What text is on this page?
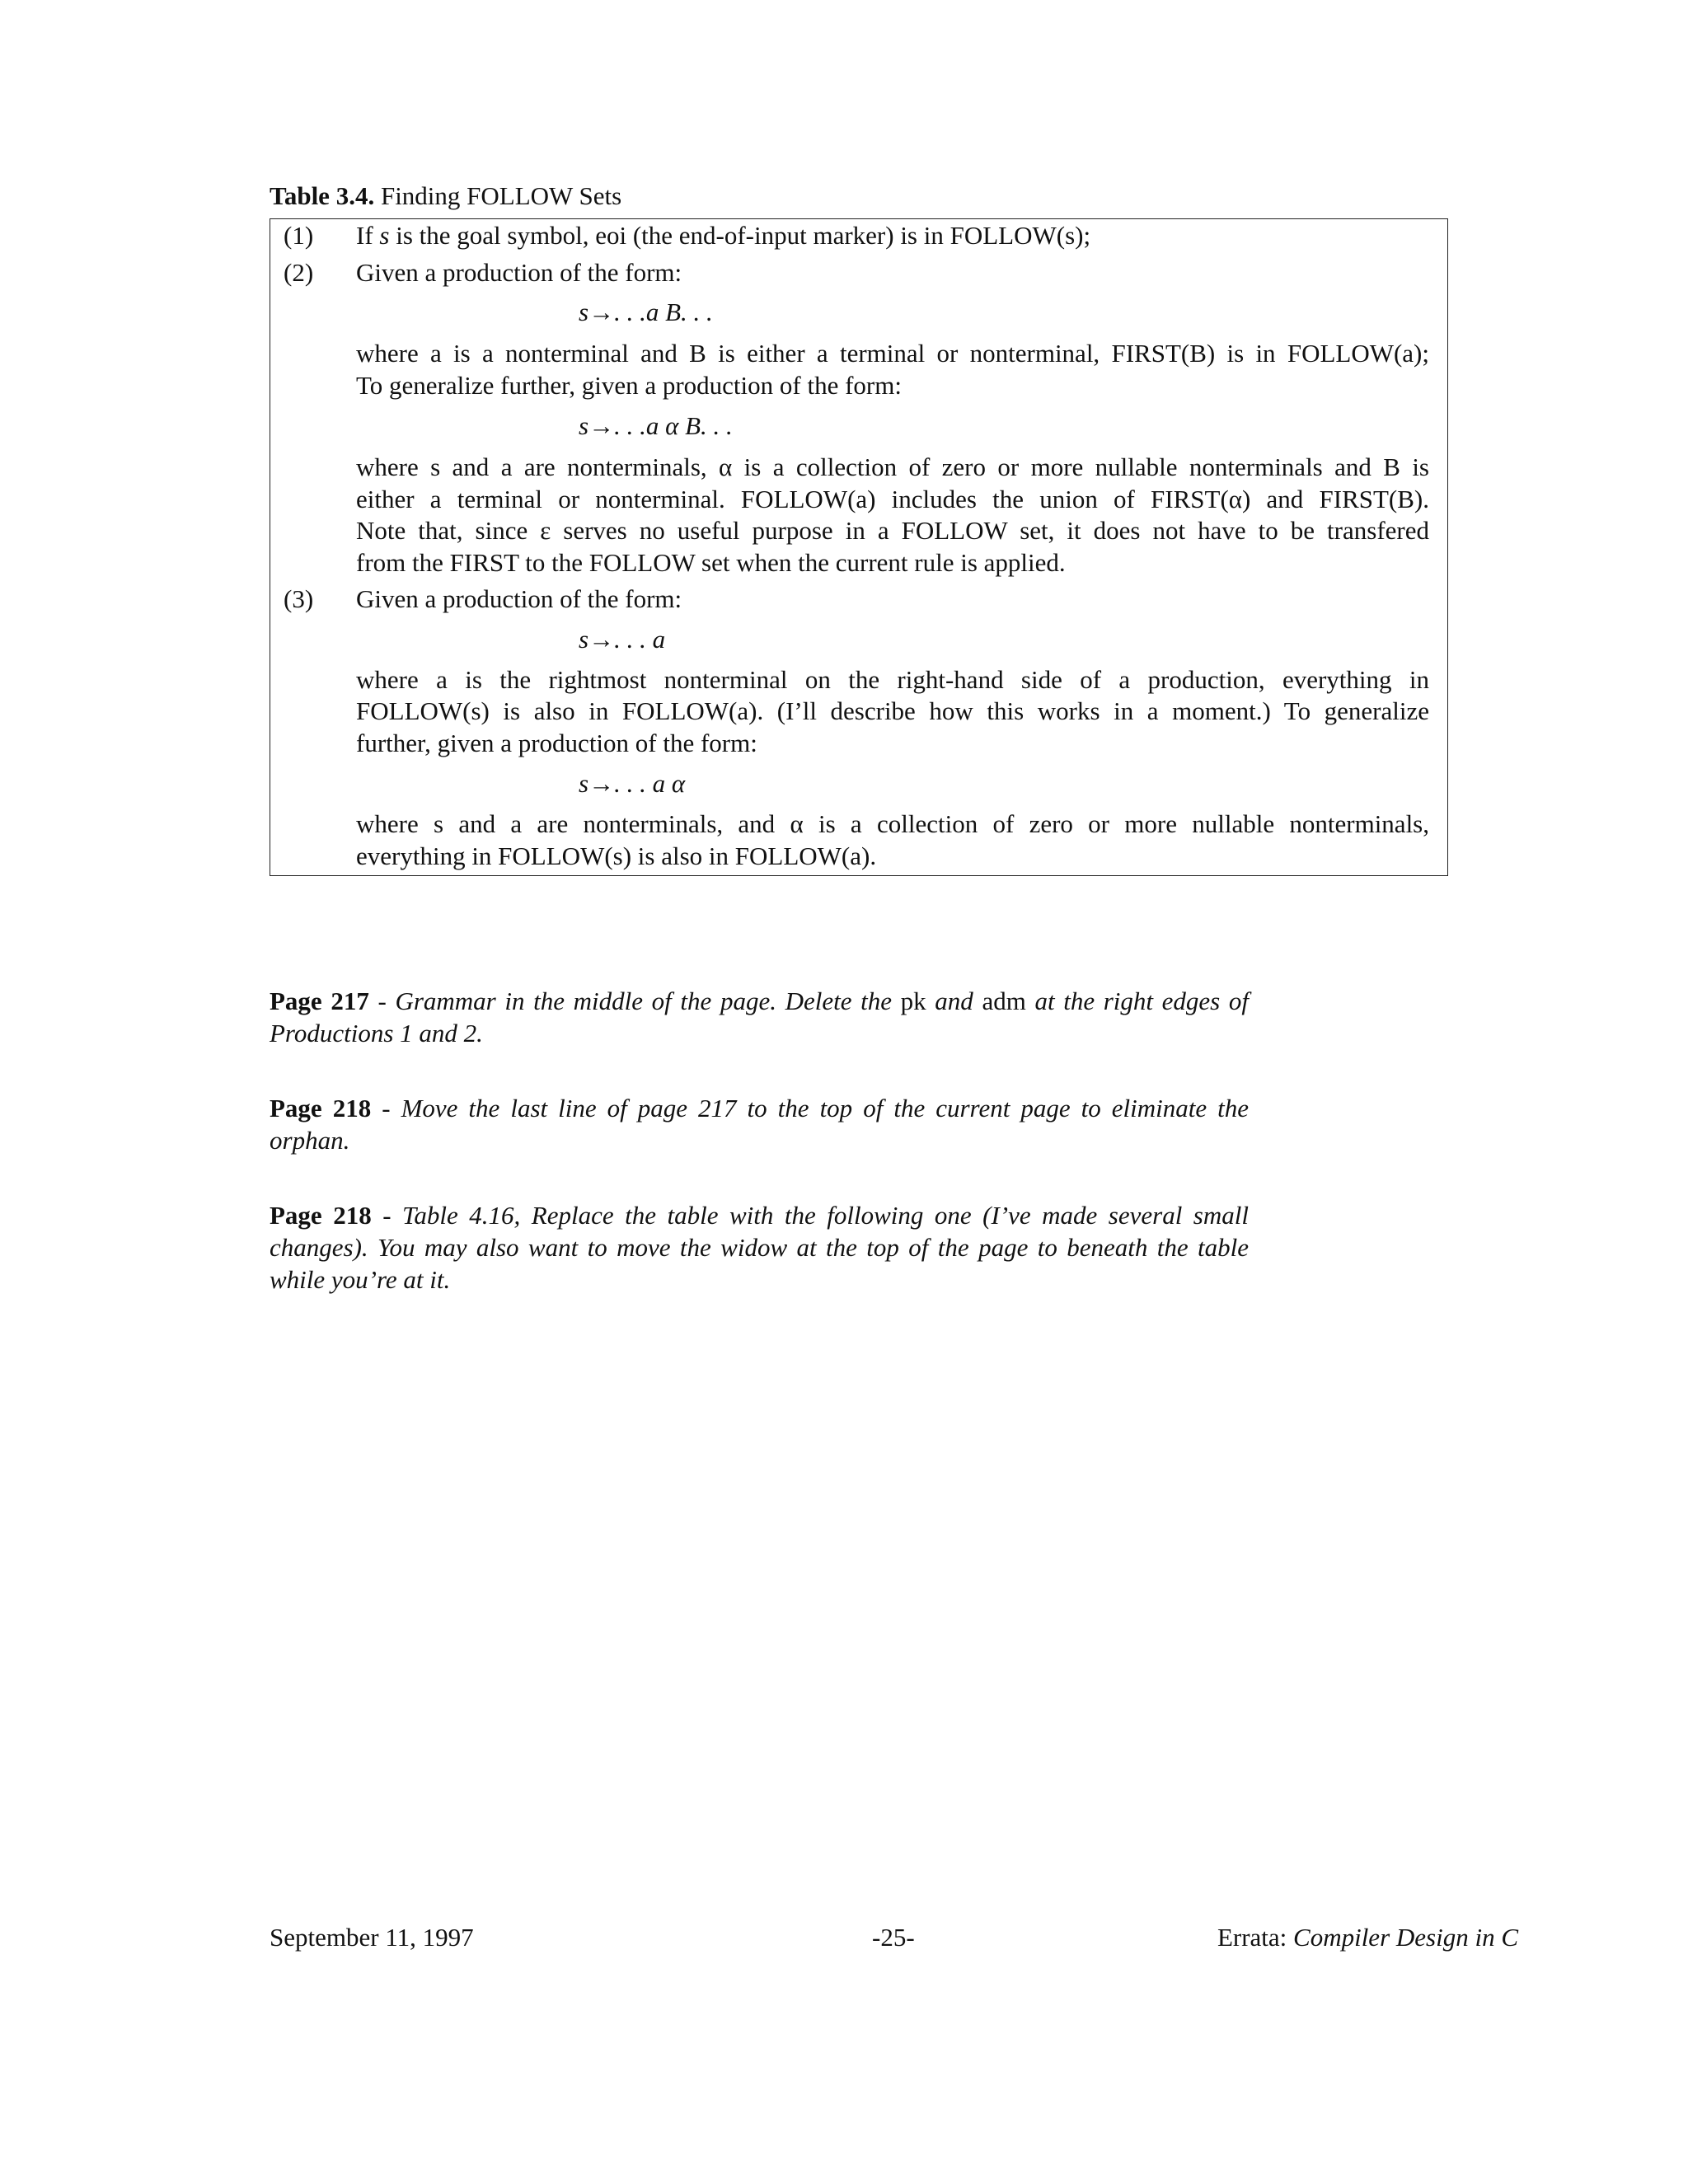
Table 3.4. Finding FOLLOW Sets
(1) If s is the goal symbol, eoi (the end-of-input marker) is in FOLLOW(s);
(2) Given a production of the form:
s→. . .a B. . .
where a is a nonterminal and B is either a terminal or nonterminal, FIRST(B) is in FOLLOW(a);
To generalize further, given a production of the form:
s→. . .a α B. . .
where s and a are nonterminals, α is a collection of zero or more nullable nonterminals and B is
either a terminal or nonterminal. FOLLOW(a) includes the union of FIRST(α) and FIRST(B).
Note that, since ε serves no useful purpose in a FOLLOW set, it does not have to be transfered
from the FIRST to the FOLLOW set when the current rule is applied.
(3) Given a production of the form:
s→. . . a
where a is the rightmost nonterminal on the right-hand side of a production, everything in
FOLLOW(s) is also in FOLLOW(a). (I’ll describe how this works in a moment.) To generalize
further, given a production of the form:
s→. . . a α
where s and a are nonterminals, and α is a collection of zero or more nullable nonterminals,
everything in FOLLOW(s) is also in FOLLOW(a).

Page 217 - Grammar in the middle of the page. Delete the pk and adm at the right edges of Productions 1 and 2.

Page 218 - Move the last line of page 217 to the top of the current page to eliminate the orphan.

Page 218 - Table 4.16, Replace the table with the following one (I’ve made several small changes). You may also want to move the widow at the top of the page to beneath the table while you’re at it.

September 11, 1997	-25-	Errata: Compiler Design in C
